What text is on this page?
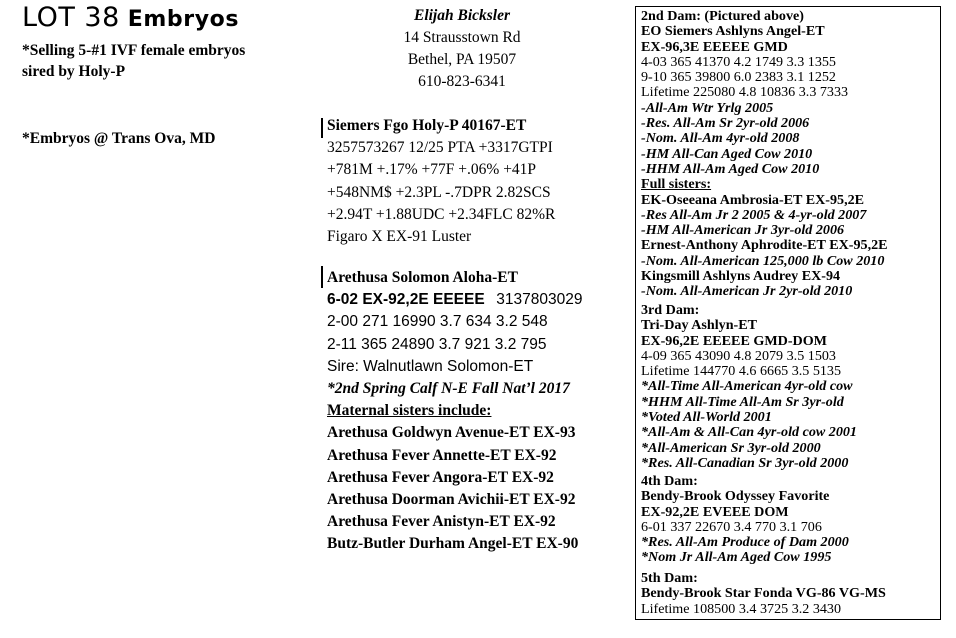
LOT 38 Embryos
*Selling 5-#1 IVF female embryos
sired by Holy-P
*Embryos @ Trans Ova, MD
Elijah Bicksler
14 Strausstown Rd
Bethel, PA 19507
610-823-6341
Siemers Fgo Holy-P 40167-ET
3257573267 12/25 PTA +3317GTPI
+781M +.17% +77F +.06% +41P
+548NM$ +2.3PL -.7DPR 2.82SCS
+2.94T +1.88UDC +2.34FLC 82%R
Figaro X EX-91 Luster
Arethusa Solomon Aloha-ET
6-02 EX-92,2E EEEEE 3137803029
2-00 271 16990 3.7 634 3.2 548
2-11 365 24890 3.7 921 3.2 795
Sire: Walnutlawn Solomon-ET
*2nd Spring Calf N-E Fall Nat’l 2017
Maternal sisters include:
Arethusa Goldwyn Avenue-ET EX-93
Arethusa Fever Annette-ET EX-92
Arethusa Fever Angora-ET EX-92
Arethusa Doorman Avichii-ET EX-92
Arethusa Fever Anistyn-ET EX-92
Butz-Butler Durham Angel-ET EX-90
2nd Dam: (Pictured above)
EO Siemers Ashlyns Angel-ET
EX-96,3E EEEEE GMD
4-03 365 41370 4.2 1749 3.3 1355
9-10 365 39800 6.0 2383 3.1 1252
Lifetime 225080 4.8 10836 3.3 7333
-All-Am Wtr Yrlg 2005
-Res. All-Am Sr 2yr-old 2006
-Nom. All-Am 4yr-old 2008
-HM All-Can Aged Cow 2010
-HHM All-Am Aged Cow 2010
Full sisters:
EK-Oseeana Ambrosia-ET EX-95,2E
-Res All-Am Jr 2 2005 & 4-yr-old 2007
-HM All-American Jr 3yr-old 2006
Ernest-Anthony Aphrodite-ET EX-95,2E
-Nom. All-American 125,000 lb Cow 2010
Kingsmill Ashlyns Audrey EX-94
-Nom. All-American Jr 2yr-old 2010
3rd Dam:
Tri-Day Ashlyn-ET
EX-96,2E EEEEE GMD-DOM
4-09 365 43090 4.8 2079 3.5 1503
Lifetime 144770 4.6 6665 3.5 5135
*All-Time All-American 4yr-old cow
*HHM All-Time All-Am Sr 3yr-old
*Voted All-World 2001
*All-Am & All-Can 4yr-old cow 2001
*All-American Sr 3yr-old 2000
*Res. All-Canadian Sr 3yr-old 2000
4th Dam:
Bendy-Brook Odyssey Favorite
EX-92,2E EVEEE DOM
6-01 337 22670 3.4 770 3.1 706
*Res. All-Am Produce of Dam 2000
*Nom Jr All-Am Aged Cow 1995
5th Dam:
Bendy-Brook Star Fonda VG-86 VG-MS
Lifetime 108500 3.4 3725 3.2 3430
